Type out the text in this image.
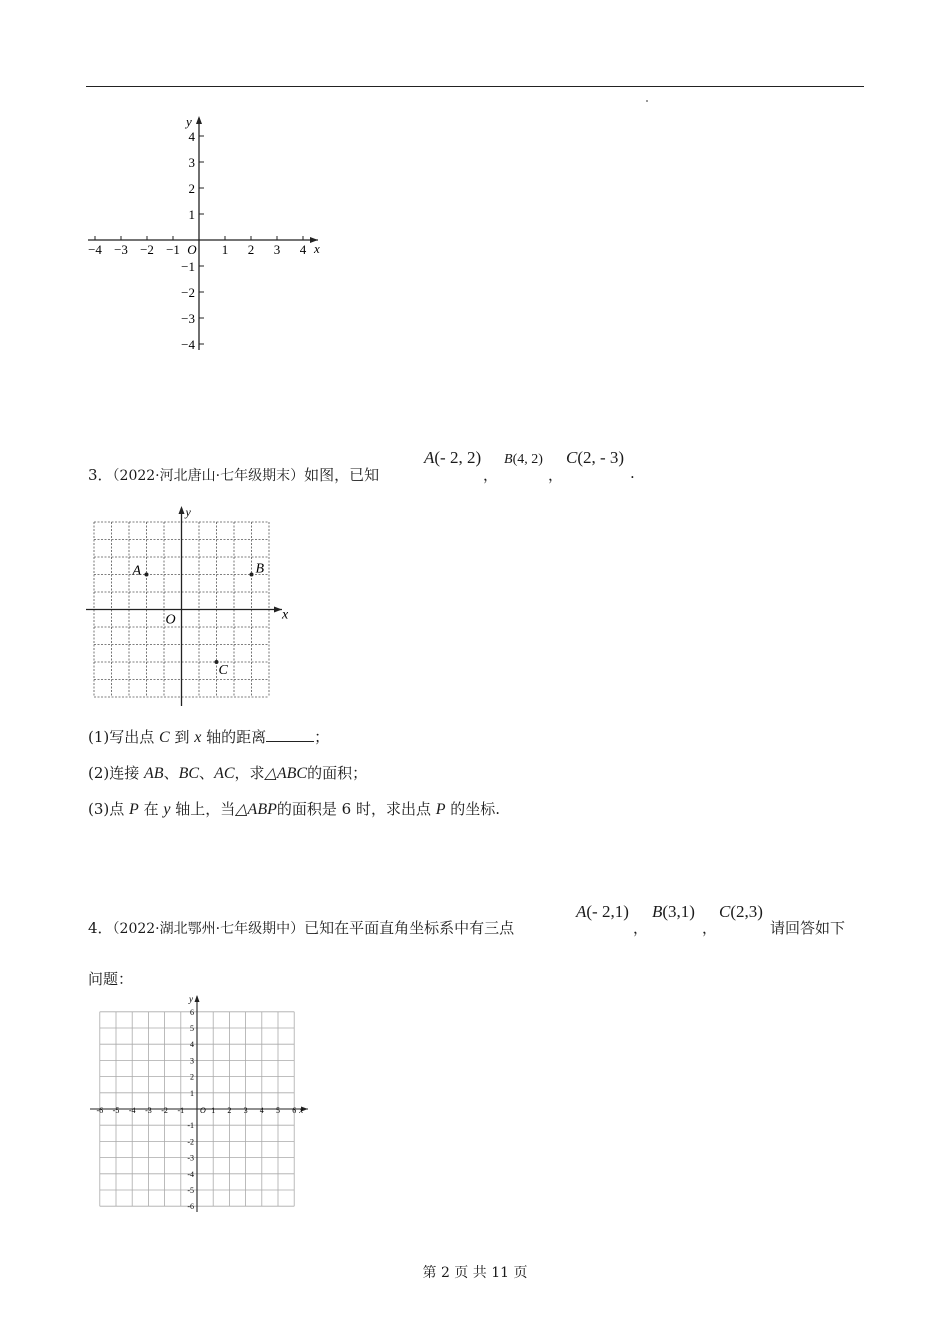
−4 −3 −2 −1	1 2 3 4
4
3
2
1
−1
−2
−3
−4
O	x
y
3．（2022·河北唐山·七年级期末）如图，已知
A(- 2, 2)
，
B(4, 2)
，
C(2, - 3)
.
O	x
y
A	B
C
(1)写出点 C 到 x 轴的距离	；
(2)连接 AB、BC、AC，求△ABC的面积；
(3)点 P 在 y 轴上，当△ABP的面积是 6 时，求出点 P 的坐标.
4．（2022·湖北鄂州·七年级期中）已知在平面直角坐标系中有三点
A(- 2,1)
，
B(3,1)
，
C(2,3)
请回答如下
问题：
-6 -5 -4 -3 -2 -1	1 2 3 4 5 6
6
5
4
3
2
1
-1
-2
-3
-4
-5
-6
O	x
y
第 2 页 共 11 页
